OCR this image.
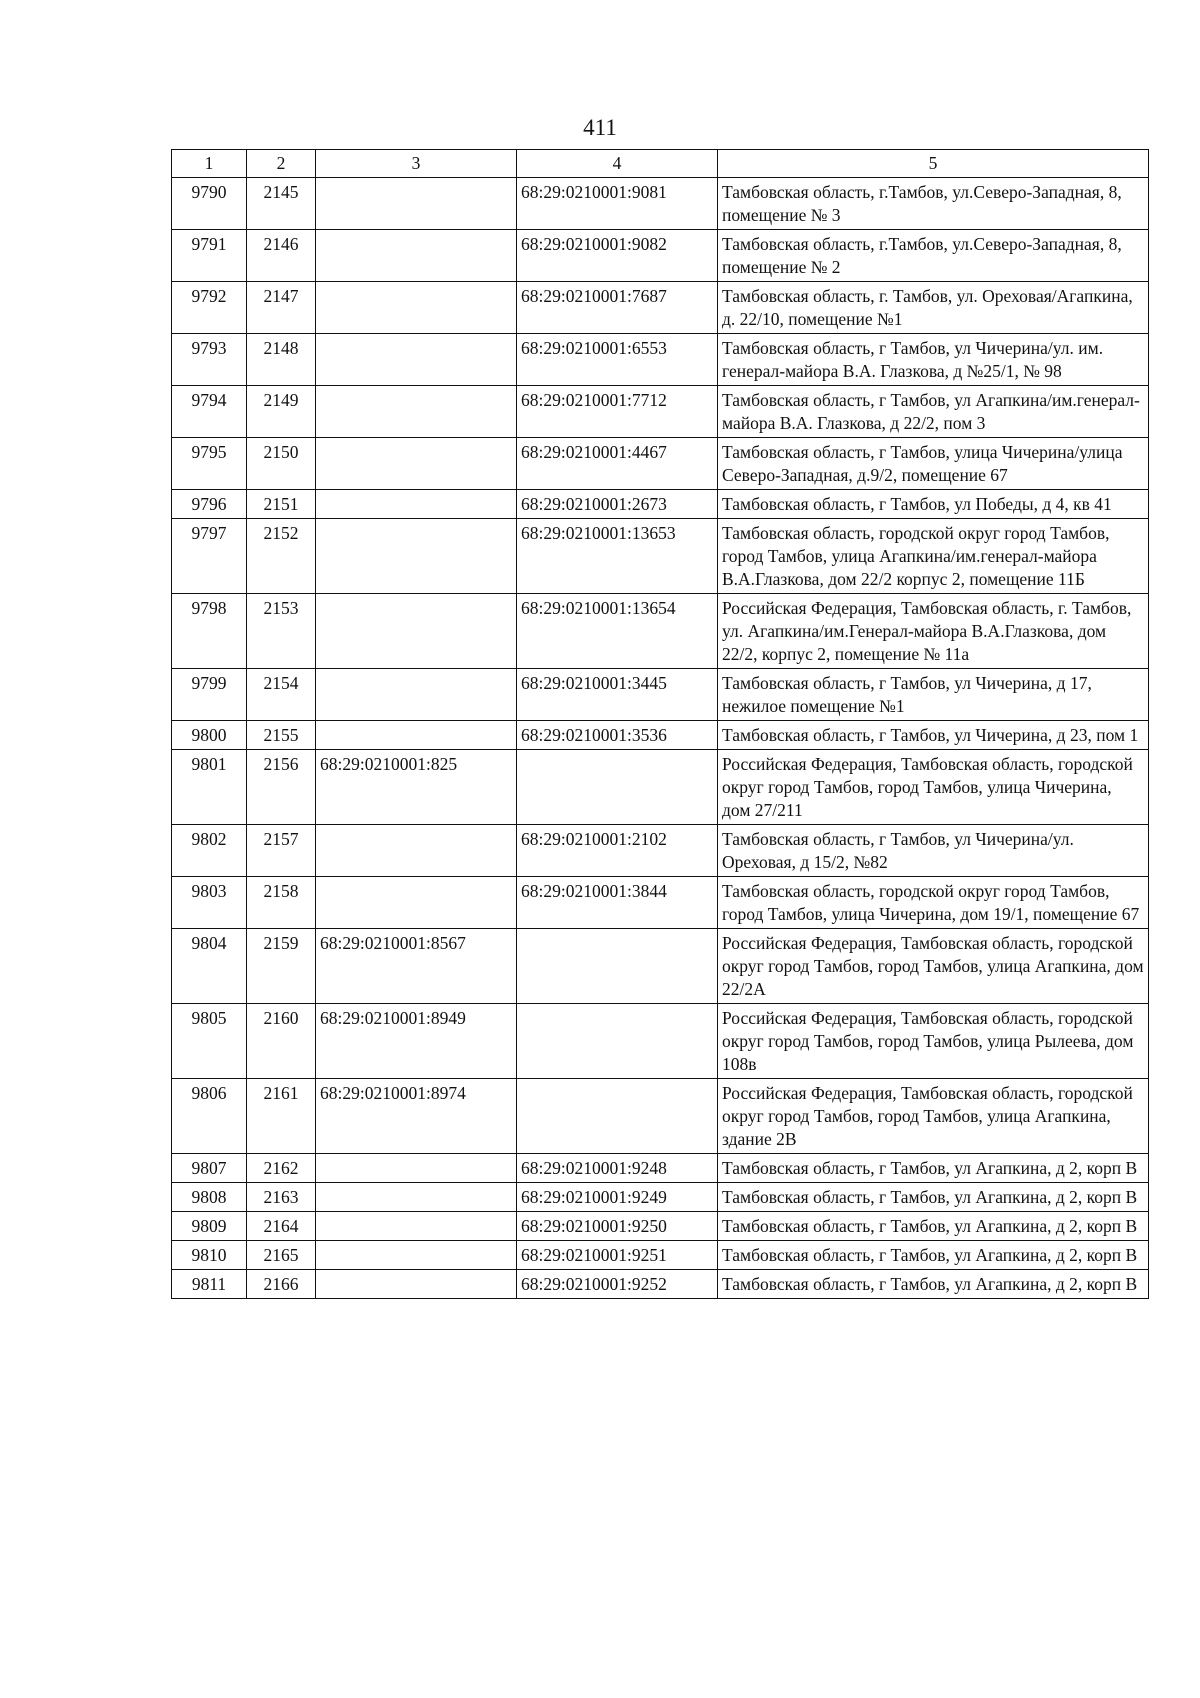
411
1	2	3	4	5
9790	2145		68:29:0210001:9081	Тамбовская область, г.Тамбов, ул.Северо-Западная, 8, помещение № 3
9791	2146		68:29:0210001:9082	Тамбовская область, г.Тамбов, ул.Северо-Западная, 8, помещение № 2
9792	2147		68:29:0210001:7687	Тамбовская область, г. Тамбов, ул. Ореховая/Агапкина, д. 22/10, помещение №1
9793	2148		68:29:0210001:6553	Тамбовская область, г Тамбов, ул Чичерина/ул. им. генерал-майора В.А. Глазкова, д №25/1, № 98
9794	2149		68:29:0210001:7712	Тамбовская область, г Тамбов, ул Агапкина/им.генерал-майора В.А. Глазкова, д 22/2, пом 3
9795	2150		68:29:0210001:4467	Тамбовская область, г Тамбов, улица Чичерина/улица Северо-Западная, д.9/2, помещение 67
9796	2151		68:29:0210001:2673	Тамбовская область, г Тамбов, ул Победы, д 4, кв 41
9797	2152		68:29:0210001:13653	Тамбовская область, городской округ город Тамбов, город Тамбов, улица Агапкина/им.генерал-майора В.А.Глазкова, дом 22/2 корпус 2, помещение 11Б
9798	2153		68:29:0210001:13654	Российская Федерация, Тамбовская область, г. Тамбов, ул. Агапкина/им.Генерал-майора В.А.Глазкова, дом 22/2, корпус 2, помещение № 11а
9799	2154		68:29:0210001:3445	Тамбовская область, г Тамбов, ул Чичерина, д 17, нежилое помещение №1
9800	2155		68:29:0210001:3536	Тамбовская область, г Тамбов, ул Чичерина, д 23, пом 1
9801	2156	68:29:0210001:825		Российская Федерация, Тамбовская область, городской округ город Тамбов, город Тамбов, улица Чичерина, дом 27/211
9802	2157		68:29:0210001:2102	Тамбовская область, г Тамбов, ул Чичерина/ул. Ореховая, д 15/2, №82
9803	2158		68:29:0210001:3844	Тамбовская область, городской округ город Тамбов, город Тамбов, улица Чичерина, дом 19/1, помещение 67
9804	2159	68:29:0210001:8567		Российская Федерация, Тамбовская область, городской округ город Тамбов, город Тамбов, улица Агапкина, дом 22/2А
9805	2160	68:29:0210001:8949		Российская Федерация, Тамбовская область, городской округ город Тамбов, город Тамбов, улица Рылеева, дом 108в
9806	2161	68:29:0210001:8974		Российская Федерация, Тамбовская область, городской округ город Тамбов, город Тамбов, улица Агапкина, здание 2В
9807	2162		68:29:0210001:9248	Тамбовская область, г Тамбов, ул Агапкина, д 2, корп В
9808	2163		68:29:0210001:9249	Тамбовская область, г Тамбов, ул Агапкина, д 2, корп В
9809	2164		68:29:0210001:9250	Тамбовская область, г Тамбов, ул Агапкина, д 2, корп В
9810	2165		68:29:0210001:9251	Тамбовская область, г Тамбов, ул Агапкина, д 2, корп В
9811	2166		68:29:0210001:9252	Тамбовская область, г Тамбов, ул Агапкина, д 2, корп В
